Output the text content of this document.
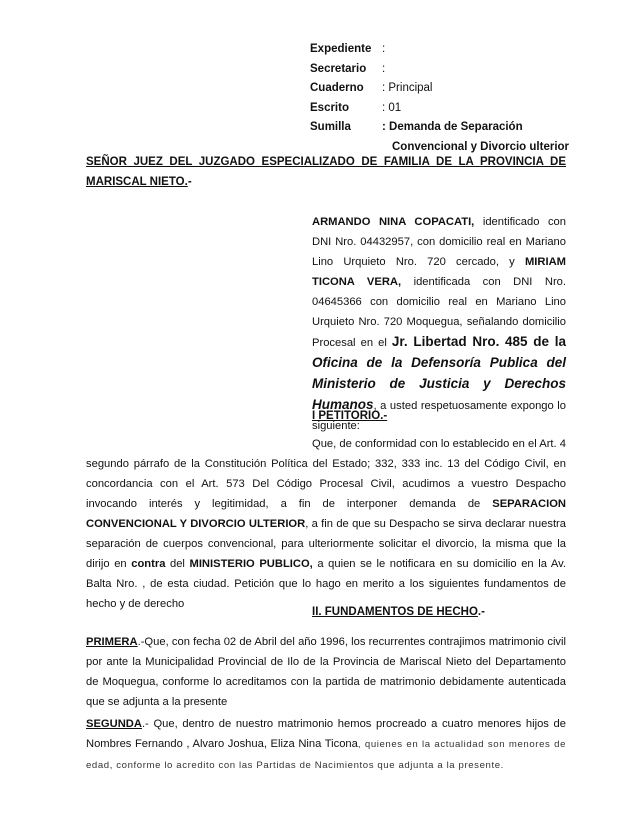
Expediente :
Secretario	:
Cuaderno	: Principal
Escrito	: 01
Sumilla	: Demanda de Separación
Convencional y Divorcio ulterior
SEÑOR JUEZ DEL JUZGADO ESPECIALIZADO DE FAMILIA DE LA PROVINCIA DE MARISCAL NIETO.-
ARMANDO NINA COPACATI, identificado con DNI Nro. 04432957, con domicilio real en Mariano Lino Urquieto Nro. 720 cercado, y MIRIAM TICONA VERA, identificada con DNI Nro. 04645366 con domicilio real en Mariano Lino Urquieto Nro. 720 Moquegua, señalando domicilio Procesal en el Jr. Libertad Nro. 485 de la Oficina de la Defensoría Publica del Ministerio de Justicia y Derechos Humanos, a usted respetuosamente expongo lo siguiente:
I PETITORIO.-
Que, de conformidad con lo establecido en el Art. 4 segundo párrafo de la Constitución Política del Estado; 332, 333 inc. 13 del Código Civil, en concordancia con el Art. 573 Del Código Procesal Civil, acudimos a vuestro Despacho invocando interés y legitimidad, a fin de interponer demanda de SEPARACION CONVENCIONAL Y DIVORCIO ULTERIOR, a fin de que su Despacho se sirva declarar nuestra separación de cuerpos convencional, para ulteriormente solicitar el divorcio, la misma que la dirijo en contra del MINISTERIO PUBLICO, a quien se le notificara en su domicilio en la Av. Balta Nro. , de esta ciudad. Petición que lo hago en merito a los siguientes fundamentos de hecho y de derecho
II. FUNDAMENTOS DE HECHO.-
PRIMERA.-Que, con fecha 02 de Abril del año 1996, los recurrentes contrajimos matrimonio civil por ante la Municipalidad Provincial de Ilo de la Provincia de Mariscal Nieto del Departamento de Moquegua, conforme lo acreditamos con la partida de matrimonio debidamente autenticada que se adjunta a la presente
SEGUNDA.- Que, dentro de nuestro matrimonio hemos procreado a cuatro menores hijos de Nombres Fernando , Alvaro Joshua, Eliza Nina Ticona, quienes en la actualidad son menores de edad, conforme lo acredito con las Partidas de Nacimientos que adjunta a la presente.
